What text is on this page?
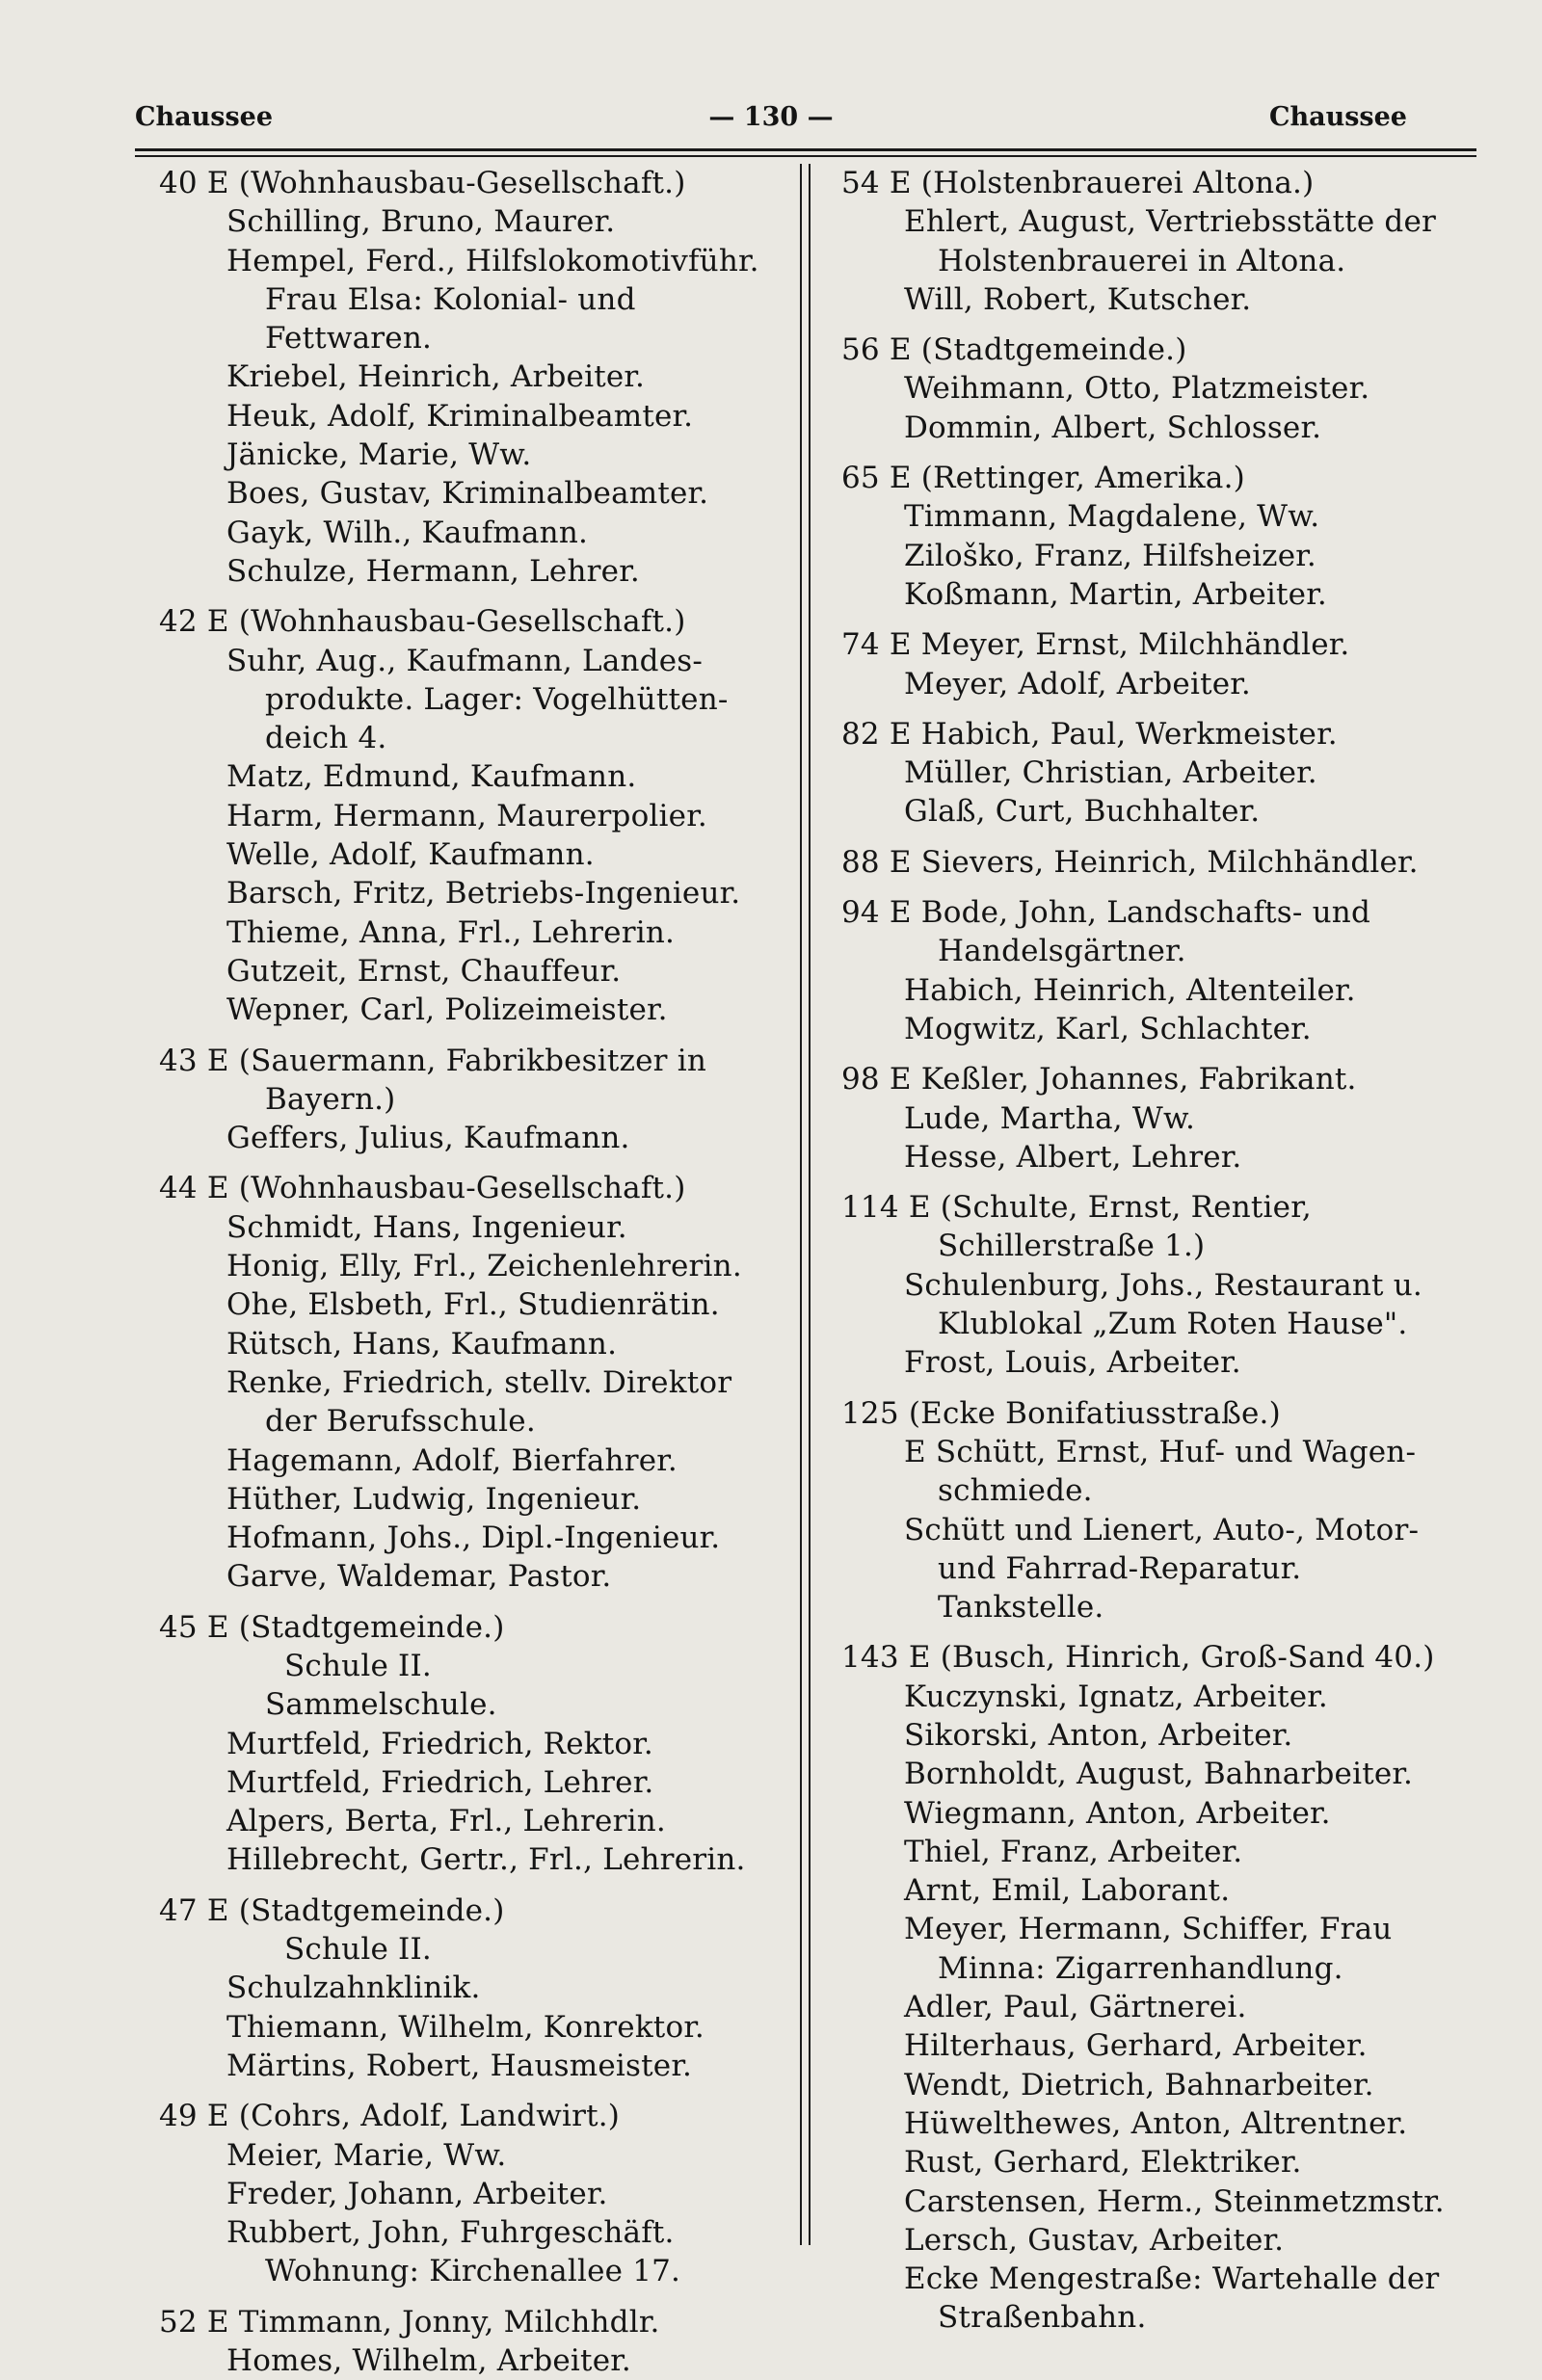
Chaussee	— 130 —	Chaussee
40 E (Wohnhausbau-Gesellschaft.)
Schilling, Bruno, Maurer.
Hempel, Ferd., Hilfslokomotivführ.
Frau Elsa: Kolonial- und
Fettwaren.
Kriebel, Heinrich, Arbeiter.
Heuk, Adolf, Kriminalbeamter.
Jänicke, Marie, Ww.
Boes, Gustav, Kriminalbeamter.
Gayk, Wilh., Kaufmann.
Schulze, Hermann, Lehrer.
42 E (Wohnhausbau-Gesellschaft.)
Suhr, Aug., Kaufmann, Landes-
produkte. Lager: Vogelhütten-
deich 4.
Matz, Edmund, Kaufmann.
Harm, Hermann, Maurerpolier.
Welle, Adolf, Kaufmann.
Barsch, Fritz, Betriebs-Ingenieur.
Thieme, Anna, Frl., Lehrerin.
Gutzeit, Ernst, Chauffeur.
Wepner, Carl, Polizeimeister.
43 E (Sauermann, Fabrikbesitzer in
Bayern.)
Geffers, Julius, Kaufmann.
44 E (Wohnhausbau-Gesellschaft.)
Schmidt, Hans, Ingenieur.
Honig, Elly, Frl., Zeichenlehrerin.
Ohe, Elsbeth, Frl., Studienrätin.
Rütsch, Hans, Kaufmann.
Renke, Friedrich, stellv. Direktor
der Berufsschule.
Hagemann, Adolf, Bierfahrer.
Hüther, Ludwig, Ingenieur.
Hofmann, Johs., Dipl.-Ingenieur.
Garve, Waldemar, Pastor.
45 E (Stadtgemeinde.)
Schule II.
Sammelschule.
Murtfeld, Friedrich, Rektor.
Murtfeld, Friedrich, Lehrer.
Alpers, Berta, Frl., Lehrerin.
Hillebrecht, Gertr., Frl., Lehrerin.
47 E (Stadtgemeinde.)
Schule II.
Schulzahnklinik.
Thiemann, Wilhelm, Konrektor.
Märtins, Robert, Hausmeister.
49 E (Cohrs, Adolf, Landwirt.)
Meier, Marie, Ww.
Freder, Johann, Arbeiter.
Rubbert, John, Fuhrgeschäft.
Wohnung: Kirchenallee 17.
52 E Timmann, Jonny, Milchhdlr.
Homes, Wilhelm, Arbeiter.
54 E (Holstenbrauerei Altona.)
Ehlert, August, Vertriebsstätte der
Holstenbrauerei in Altona.
Will, Robert, Kutscher.
56 E (Stadtgemeinde.)
Weihmann, Otto, Platzmeister.
Dommin, Albert, Schlosser.
65 E (Rettinger, Amerika.)
Timmann, Magdalene, Ww.
Ziloško, Franz, Hilfsheizer.
Koßmann, Martin, Arbeiter.
74 E Meyer, Ernst, Milchhändler.
Meyer, Adolf, Arbeiter.
82 E Habich, Paul, Werkmeister.
Müller, Christian, Arbeiter.
Glaß, Curt, Buchhalter.
88 E Sievers, Heinrich, Milchhändler.
94 E Bode, John, Landschafts- und
Handelsgärtner.
Habich, Heinrich, Altenteiler.
Mogwitz, Karl, Schlachter.
98 E Keßler, Johannes, Fabrikant.
Lude, Martha, Ww.
Hesse, Albert, Lehrer.
114 E (Schulte, Ernst, Rentier,
Schillerstraße 1.)
Schulenburg, Johs., Restaurant u.
Klublokal „Zum Roten Hause".
Frost, Louis, Arbeiter.
125 (Ecke Bonifatiusstraße.)
E Schütt, Ernst, Huf- und Wagen-
schmiede.
Schütt und Lienert, Auto-, Motor-
und Fahrrad-Reparatur.
Tankstelle.
143 E (Busch, Hinrich, Groß-Sand 40.)
Kuczynski, Ignatz, Arbeiter.
Sikorski, Anton, Arbeiter.
Bornholdt, August, Bahnarbeiter.
Wiegmann, Anton, Arbeiter.
Thiel, Franz, Arbeiter.
Arnt, Emil, Laborant.
Meyer, Hermann, Schiffer, Frau
Minna: Zigarrenhandlung.
Adler, Paul, Gärtnerei.
Hilterhaus, Gerhard, Arbeiter.
Wendt, Dietrich, Bahnarbeiter.
Hüwelthewes, Anton, Altrentner.
Rust, Gerhard, Elektriker.
Carstensen, Herm., Steinmetzmstr.
Lersch, Gustav, Arbeiter.
Ecke Mengestraße: Wartehalle der
Straßenbahn.
